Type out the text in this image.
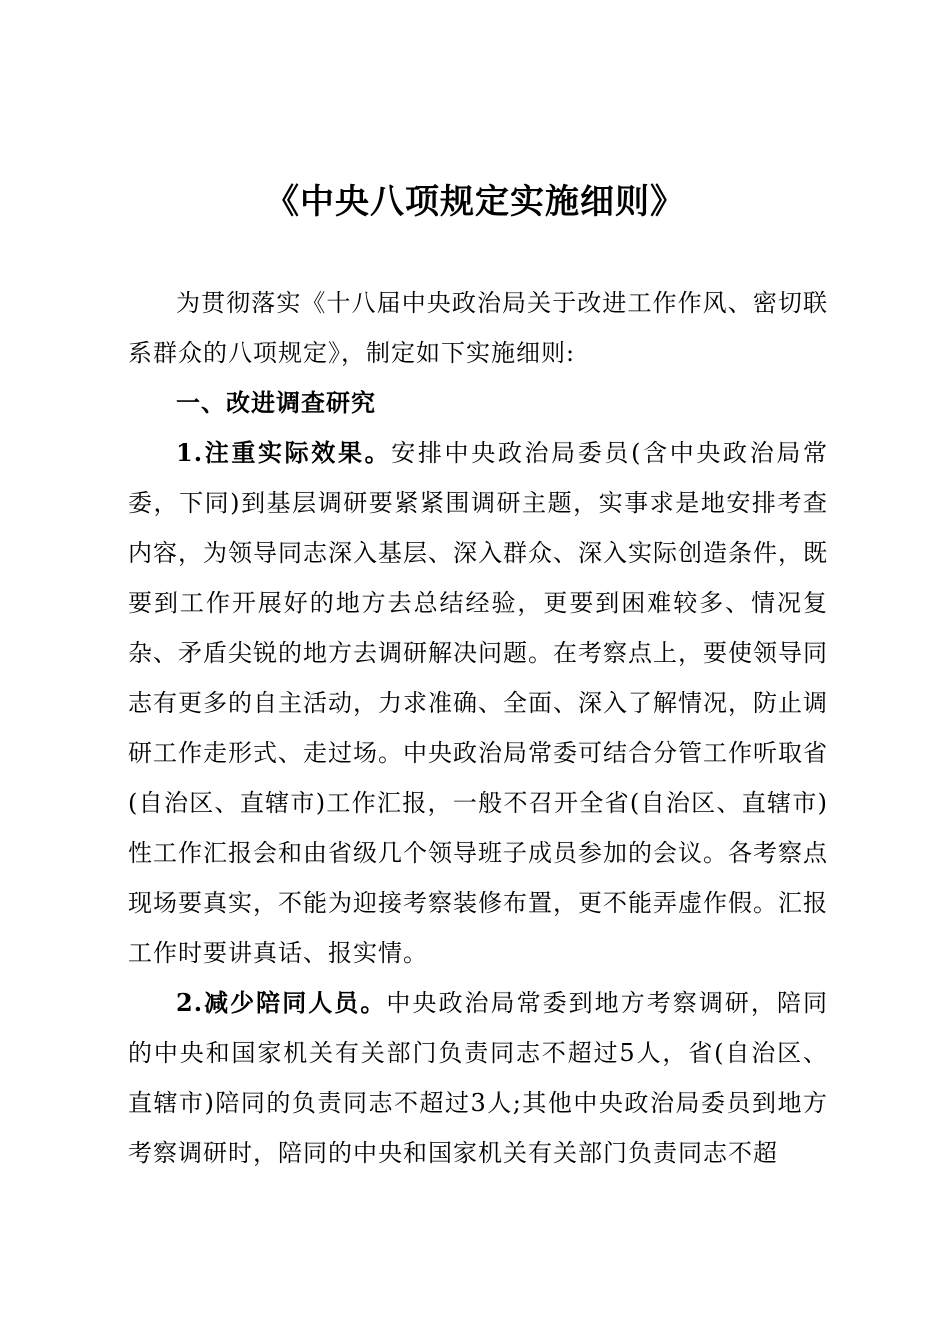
《中央八项规定实施细则》

为贯彻落实《十八届中央政治局关于改进工作作风、密切联系群众的八项规定》，制定如下实施细则:

一、改进调查研究

1.注重实际效果。安排中央政治局委员(含中央政治局常委，下同)到基层调研要紧紧围调研主题，实事求是地安排考查内容，为领导同志深入基层、深入群众、深入实际创造条件，既要到工作开展好的地方去总结经验，更要到困难较多、情况复杂、矛盾尖锐的地方去调研解决问题。在考察点上，要使领导同志有更多的自主活动，力求准确、全面、深入了解情况，防止调研工作走形式、走过场。中央政治局常委可结合分管工作听取省(自治区、直辖市)工作汇报，一般不召开全省(自治区、直辖市)性工作汇报会和由省级几个领导班子成员参加的会议。各考察点现场要真实，不能为迎接考察装修布置，更不能弄虚作假。汇报工作时要讲真话、报实情。

2.减少陪同人员。中央政治局常委到地方考察调研，陪同的中央和国家机关有关部门负责同志不超过5人，省(自治区、直辖市)陪同的负责同志不超过3人;其他中央政治局委员到地方考察调研时，陪同的中央和国家机关有关部门负责同志不超
